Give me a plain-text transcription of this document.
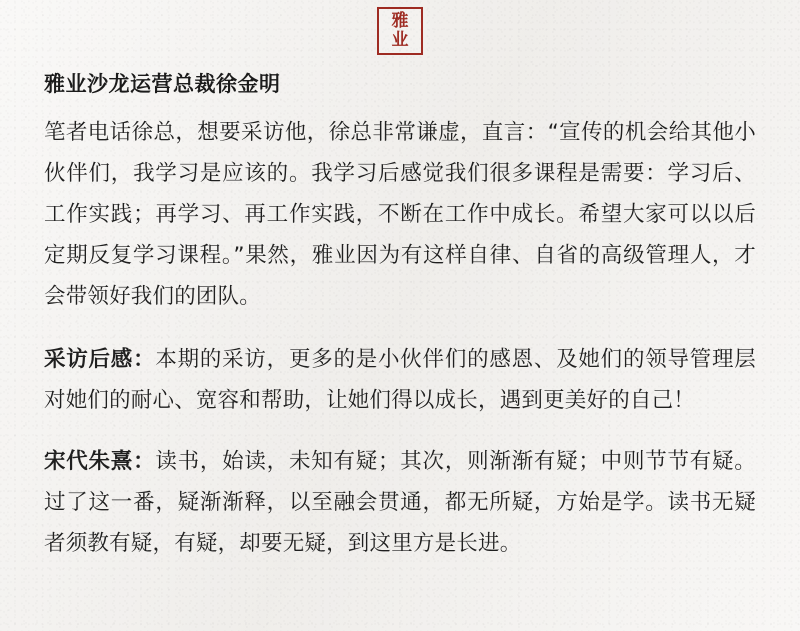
雅
业
雅业沙龙运营总裁徐金明

笔者电话徐总，想要采访他，徐总非常谦虚，直言：“宣传的机会给其他小伙伴们，我学习是应该的。我学习后感觉我们很多课程是需要：学习后、工作实践；再学习、再工作实践，不断在工作中成长。希望大家可以以后定期反复学习课程。”果然，雅业因为有这样自律、自省的高级管理人，才会带领好我们的团队。

采访后感：本期的采访，更多的是小伙伴们的感恩、及她们的领导管理层对她们的耐心、宽容和帮助，让她们得以成长，遇到更美好的自己！

宋代朱熹：读书，始读，未知有疑；其次，则渐渐有疑；中则节节有疑。过了这一番，疑渐渐释，以至融会贯通，都无所疑，方始是学。读书无疑者须教有疑，有疑，却要无疑，到这里方是长进。
